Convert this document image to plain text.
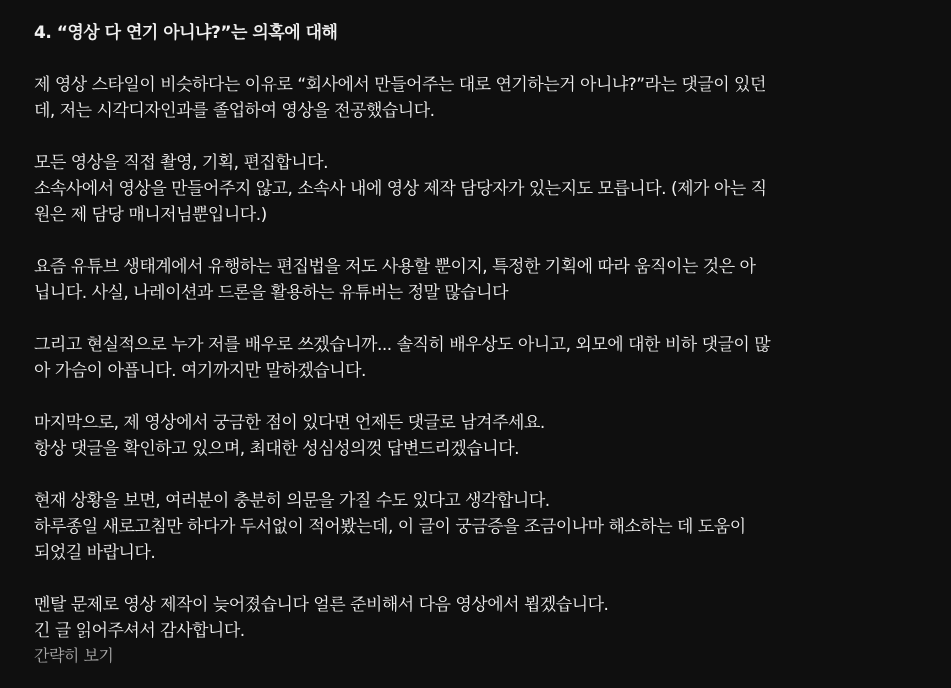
4. “영상 다 연기 아니냐?”는 의혹에 대해
제 영상 스타일이 비슷하다는 이유로 “회사에서 만들어주는 대로 연기하는거 아니냐?”라는 댓글이 있던
데, 저는 시각디자인과를 졸업하여 영상을 전공했습니다.
모든 영상을 직접 촬영, 기획, 편집합니다.
소속사에서 영상을 만들어주지 않고, 소속사 내에 영상 제작 담당자가 있는지도 모릅니다. (제가 아는 직
원은 제 담당 매니저님뿐입니다.)
요즘 유튜브 생태계에서 유행하는 편집법을 저도 사용할 뿐이지, 특정한 기획에 따라 움직이는 것은 아
닙니다. 사실, 나레이션과 드론을 활용하는 유튜버는 정말 많습니다
그리고 현실적으로 누가 저를 배우로 쓰겠습니까... 솔직히 배우상도 아니고, 외모에 대한 비하 댓글이 많
아 가슴이 아픕니다. 여기까지만 말하겠습니다.
마지막으로, 제 영상에서 궁금한 점이 있다면 언제든 댓글로 남겨주세요.
항상 댓글을 확인하고 있으며, 최대한 성심성의껏 답변드리겠습니다.
현재 상황을 보면, 여러분이 충분히 의문을 가질 수도 있다고 생각합니다.
하루종일 새로고침만 하다가 두서없이 적어봤는데, 이 글이 궁금증을 조금이나마 해소하는 데 도움이
되었길 바랍니다.
멘탈 문제로 영상 제작이 늦어졌습니다 얼른 준비해서 다음 영상에서 뵙겠습니다.
긴 글 읽어주셔서 감사합니다.
간략히 보기
